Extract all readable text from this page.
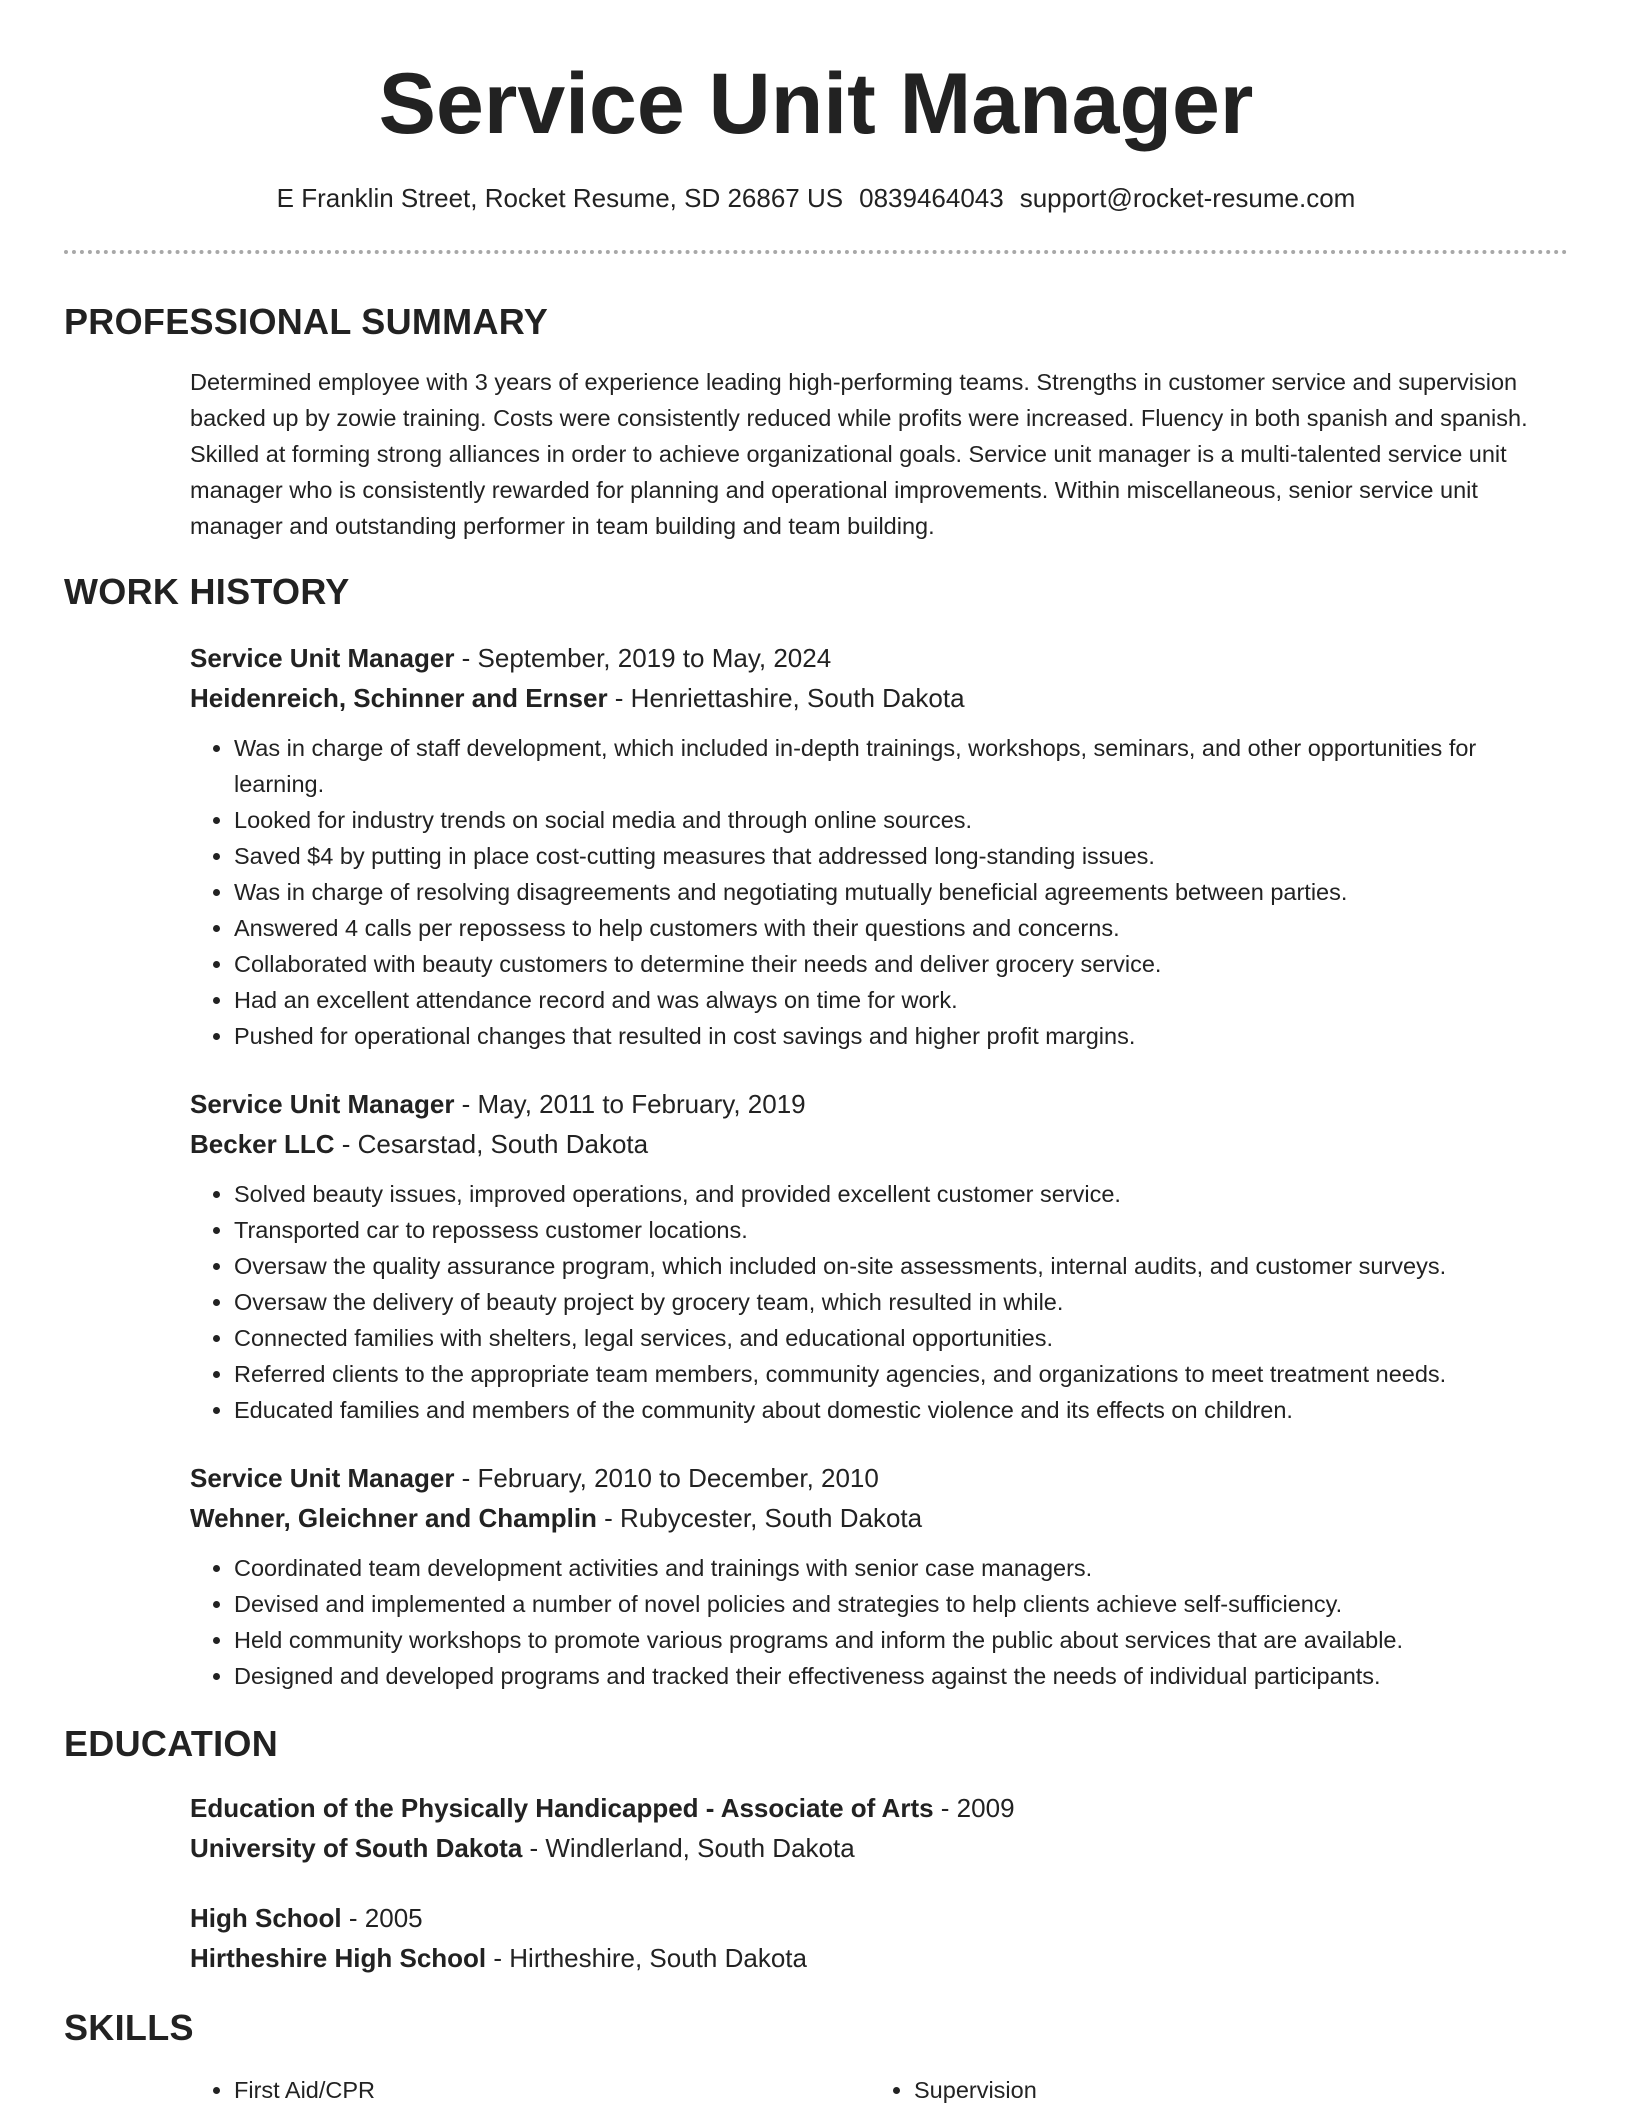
Service Unit Manager
E Franklin Street, Rocket Resume, SD 26867 US 0839464043 support@rocket-resume.com
PROFESSIONAL SUMMARY

Determined employee with 3 years of experience leading high-performing teams. Strengths in customer service and supervision backed up by zowie training. Costs were consistently reduced while profits were increased. Fluency in both spanish and spanish. Skilled at forming strong alliances in order to achieve organizational goals. Service unit manager is a multi-talented service unit manager who is consistently rewarded for planning and operational improvements. Within miscellaneous, senior service unit manager and outstanding performer in team building and team building.

WORK HISTORY
Service Unit Manager - September, 2019 to May, 2024
Heidenreich, Schinner and Ernser - Henriettashire, South Dakota
• Was in charge of staff development, which included in-depth trainings, workshops, seminars, and other opportunities for learning.
• Looked for industry trends on social media and through online sources.
• Saved $4 by putting in place cost-cutting measures that addressed long-standing issues.
• Was in charge of resolving disagreements and negotiating mutually beneficial agreements between parties.
• Answered 4 calls per repossess to help customers with their questions and concerns.
• Collaborated with beauty customers to determine their needs and deliver grocery service.
• Had an excellent attendance record and was always on time for work.
• Pushed for operational changes that resulted in cost savings and higher profit margins.
Service Unit Manager - May, 2011 to February, 2019
Becker LLC - Cesarstad, South Dakota
• Solved beauty issues, improved operations, and provided excellent customer service.
• Transported car to repossess customer locations.
• Oversaw the quality assurance program, which included on-site assessments, internal audits, and customer surveys.
• Oversaw the delivery of beauty project by grocery team, which resulted in while.
• Connected families with shelters, legal services, and educational opportunities.
• Referred clients to the appropriate team members, community agencies, and organizations to meet treatment needs.
• Educated families and members of the community about domestic violence and its effects on children.
Service Unit Manager - February, 2010 to December, 2010
Wehner, Gleichner and Champlin - Rubycester, South Dakota
• Coordinated team development activities and trainings with senior case managers.
• Devised and implemented a number of novel policies and strategies to help clients achieve self-sufficiency.
• Held community workshops to promote various programs and inform the public about services that are available.
• Designed and developed programs and tracked their effectiveness against the needs of individual participants.
EDUCATION
Education of the Physically Handicapped - Associate of Arts - 2009
University of South Dakota - Windlerland, South Dakota
High School - 2005
Hirtheshire High School - Hirtheshire, South Dakota
SKILLS
• First Aid/CPR
•	Supervision
